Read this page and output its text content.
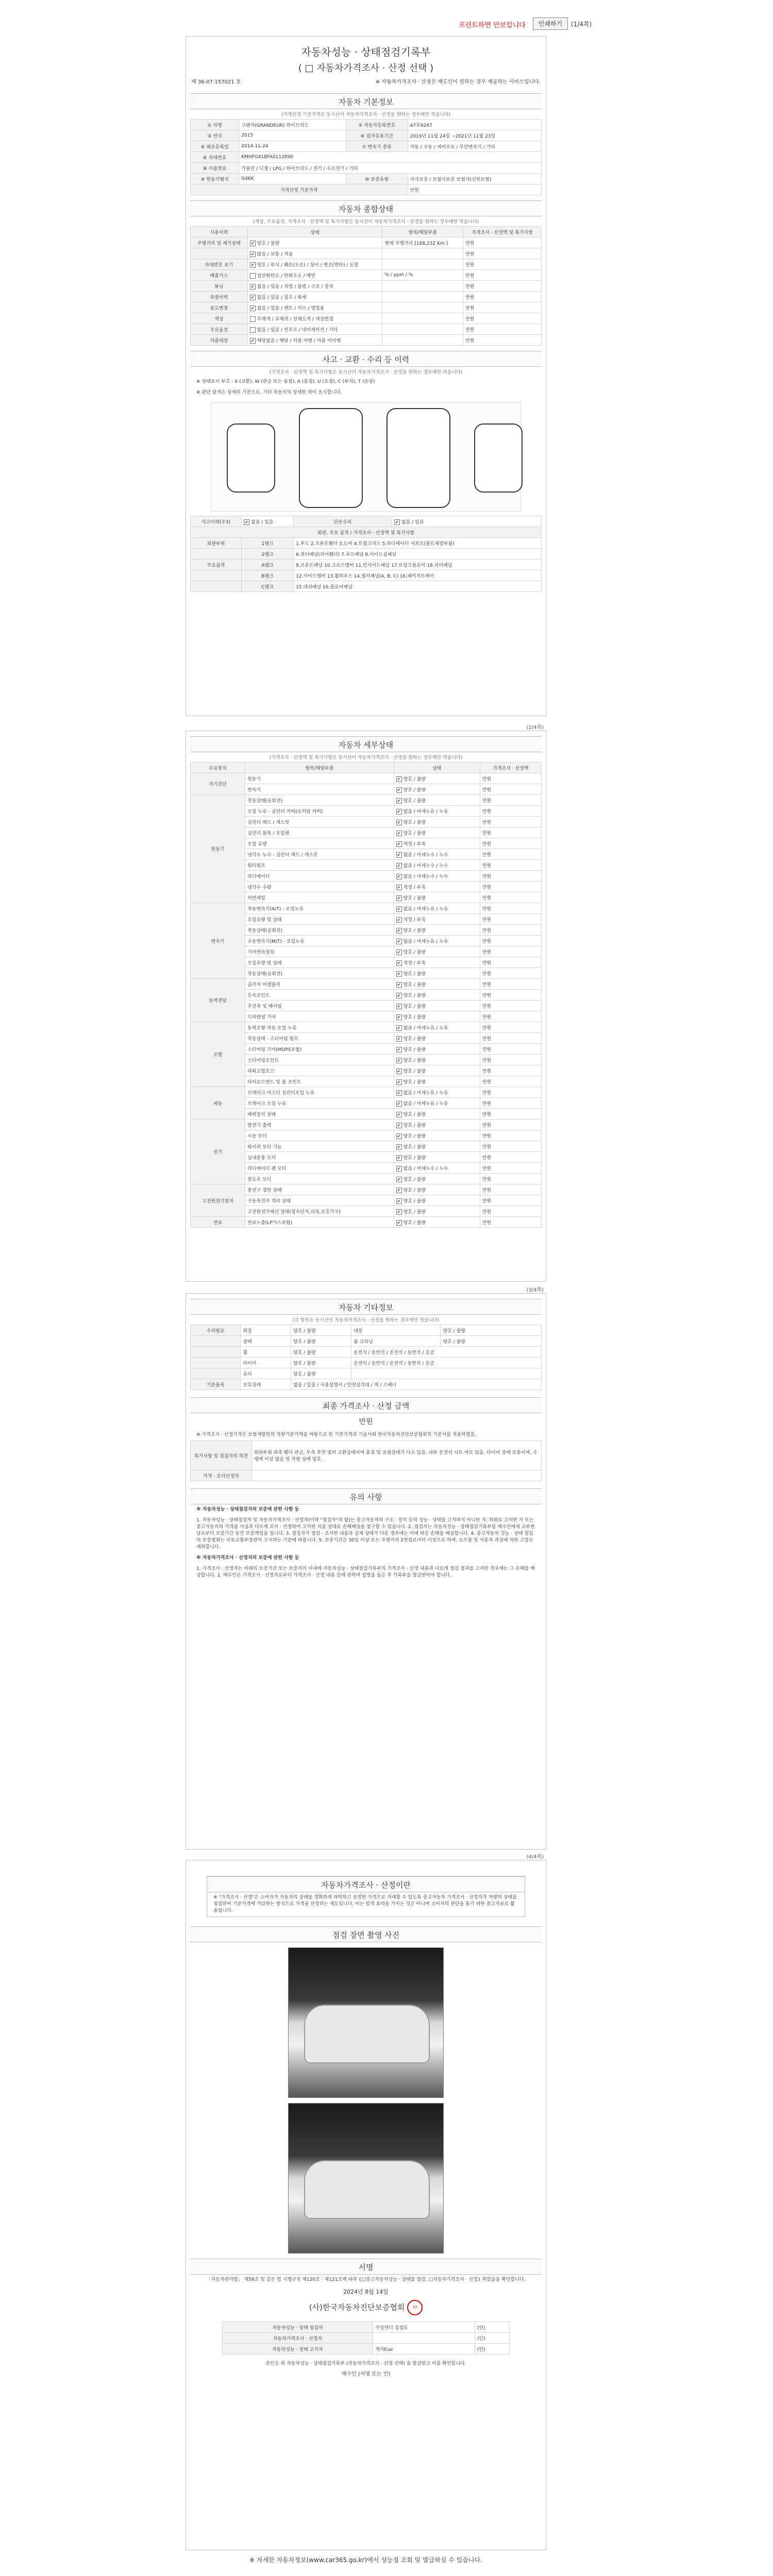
프린트하면 안보입니다	인쇄하기	(1/4쪽)
자동차성능 · 상태점검기록부
( □ 자동차가격조사 · 산정 선택 )
제 36-07-157021 호	※ 자동차가격조사 · 산정은 매도인이 원하는 경우 제공하는 서비스입니다.
자동차 기본정보
(가격산정 기준가격은 동시산이 자동차가격조사 · 산정을 원하는 경우에만 적습니다)
① 차명	그랜저(GRANDEUR) 하이브리드	② 자동차등록번호	47무9247
③ 연식	2015	④ 검사유효기간	2019년 11월 24일 ~2021년 11월 23일
⑤ 최초등록일	2014-11-24	⑦ 변속기 종류	자동 / 수동 / 세미오토 / 무단변속기 / 기타
⑥ 차대번호	KMHFG41BFA0112690		
⑧ 사용연료	가솔린 / 디젤 / LPG / 하이브리드 / 전기 / 수소전기 / 기타		
⑨ 원동기형식	G4KK	⑩ 보증유형	자가보증 / 보험사보증 보험사(신한보험)
가격산정 기준가격			만원
자동차 종합상태
(색상, 주요옵션, 가격조사 · 산정액 및 특기사항은 동시산이 자동차가격조사 · 산정을 원하는 경우에만 적습니다)
사용이력	상태	항목/해당부품	가격조사 · 산정액 및 특기사항
주행거리 및 계기상태	✔양호 / 불량	현재 주행거리 [168,232 Km ]	만원
	✔많음 / 보통 / 적음		만원
차대번호 표기	✔양호 / 부식 / 훼손(오손) / 상이 / 변조(변타) / 도말		만원
배출가스	일산화탄소 / 탄화수소 / 매연	% / ppm / %	만원
튜닝	✔없음 / 있음 / 적법 / 불법 / 구조 / 장치		만원
특별이력	✔없음 / 있음 / 침수 / 화재		만원
용도변경	✔없음 / 있음 / 렌트 / 리스 / 영업용		만원
색상	무채색 / 유채색 / 전체도색 / 색상변경		만원
주요옵션	없음 / 있음 / 썬루프 / 네비게이션 / 기타		만원
리콜대상	✔해당없음 / 해당 / 리콜 이행 / 리콜 미이행		만원
사고 · 교환 · 수리 등 이력
(가격조사 · 산정액 및 특기사항은 동시산이 자동차가격조사 · 산정을 원하는 경우에만 적습니다)
※ 상태표시 부호 : X (교환), W (판금 또는 용접), A (흠집), U (요철), C (부식), T (손상)
※ 판단 탐색은 상세히 기준으로, 기타 자동차의 상세한 하이 표시합니다.
사고이력(주3)	✔없음 / 있음	단순수리	✔없음 / 있음
외판, 주요 골격 / 가격조사 · 산정액 및 특기사항			
외판부위	1랭크	1.후드 2.프론트휀더 3.도어 4.트렁크리드 5.라디에이터 서포트(볼트체결부품)	
	2랭크	6.쿼터패널(리어휀더) 7.루프패널 8.사이드실패널	
주요골격	A랭크	9.프론트패널 10.크로스멤버 11.인사이드패널 17.트렁크플로어 18.리어패널	
	B랭크	12.사이드멤버 13.휠하우스 14.필러패널(A, B, C) 16.패키지트레이	
	C랭크	15.대쉬패널 16.플로어패널	
(2/4쪽)
자동차 세부상태
(가격조사 · 산정액 및 특기사항은 동시산이 자동차가격조사 · 산정을 원하는 경우에만 적습니다)
주요장치	항목/해당부품	상태	가격조사 · 산정액
자기진단	원동기	✔양호 / 불량	만원
	변속기	✔양호 / 불량	만원
원동기	작동상태(공회전)	✔양호 / 불량	만원
	오일 누유 - 실린더 커버(로커암 커버)	✔없음 / 미세누유 / 누유	만원
	실린더 헤드 / 개스킷	✔양호 / 불량	만원
	실린더 블록 / 오일팬	✔양호 / 불량	만원
	오일 유량	✔적정 / 부족	만원
	냉각수 누수 - 실린더 헤드 / 개스킷	✔없음 / 미세누수 / 누수	만원
	워터펌프	✔없음 / 미세누수 / 누수	만원
	라디에이터	✔없음 / 미세누수 / 누수	만원
	냉각수 수량	✔적정 / 부족	만원
	커먼레일	✔양호 / 불량	만원
변속기	자동변속기(A/T) - 오일누유	✔없음 / 미세누유 / 누유	만원
	오일유량 및 상태	✔적정 / 부족	만원
	작동상태(공회전)	✔양호 / 불량	만원
	수동변속기(M/T) - 오일누유	✔없음 / 미세누유 / 누유	만원
	기어변속장치	✔양호 / 불량	만원
	오일유량 및 상태	✔적정 / 부족	만원
	작동상태(공회전)	✔양호 / 불량	만원
동력전달	클러치 어셈블리	✔양호 / 불량	만원
	등속조인트	✔양호 / 불량	만원
	추진축 및 베어링	✔양호 / 불량	만원
	디퍼렌셜 기어	✔양호 / 불량	만원
조향	동력조향 작동 오일 누유	✔없음 / 미세누유 / 누유	만원
	작동상태 - 스티어링 펌프	✔양호 / 불량	만원
	스티어링 기어(MDPS포함)	✔양호 / 불량	만원
	스티어링조인트	✔양호 / 불량	만원
	파워고압호스	✔양호 / 불량	만원
	타이로드엔드 및 볼 조인트	✔양호 / 불량	만원
제동	브레이크 마스터 실린더오일 누유	✔없음 / 미세누유 / 누유	만원
	브레이크 오일 누유	✔없음 / 미세누유 / 누유	만원
	배력장치 상태	✔양호 / 불량	만원
전기	발전기 출력	✔양호 / 불량	만원
	시동 모터	✔양호 / 불량	만원
	와이퍼 모터 기능	✔양호 / 불량	만원
	실내송풍 모터	✔양호 / 불량	만원
	라디에이터 팬 모터	✔없음 / 미세누수 / 누수	만원
	윈도우 모터	✔양호 / 불량	만원
고전원전기장치	충전구 절연 상태	✔양호 / 불량	만원
	구동축전지 격리 상태	✔양호 / 불량	만원
	고전원전기배선 상태(접속단자,피복,보호기구)	✔양호 / 불량	만원
연료	연료누출(LP가스포함)	✔양호 / 불량	만원
(3/4쪽)
자동차 기타정보
(각 항목은 동시산이 자동차가격조사 · 산정을 원하는 경우에만 적습니다)
수리필요	외장	양호 / 불량	내장	양호 / 불량
	광택	양호 / 불량	룸 크리닝	양호 / 불량
	휠	양호 / 불량	운전석 / 동반석 / 운전석 / 동반석 / 응급	
	타이어	양호 / 불량	운전석 / 동반석 / 운전석 / 동반석 / 응급	
	유리	양호 / 불량		
기본품목	보유상태	없음 / 있음 / 사용설명서 / 안전삼각대 / 잭 / 스패너		
최종 가격조사 · 산정 금액
만원
※ 가격조사 · 산정가격은 보험개발원의 차량기준가액을 바탕으로 한 기준가격과 기술사회 한국자동차진단보증협회의 기준서를 적용하였음.
특기사항 및 점검자의 의견	외판부위 좌측 휀다 판금, 우측 후면 범퍼 교환상태이며 흠집 및 요철상태가 다소 있음. 내부 운전석 시트 마모 있음. 타이어 상태 보통이며, 주행에 이상 없음 및 차량 상태 양호.
가격 · 조사산정자	
유의 사항
※ 자동차성능 · 상태점검자의 보증에 관한 사항 등
1. 자동차성능 · 상태점검자 및 자동차가격조사 · 산정자(이하 "점검자"라 함)는 중고자동차의 구조 · 장치 등의 성능 · 상태를 고지하지 아니한 자, 허위로 고지한 자 또는 중고자동차의 가격을 사실과 다르게 조사 · 산정하여 고지한 자를 상대로 손해배상을 청구할 수 있습니다. 2. 점검자는 자동차성능 · 상태점검기록부를 매수인에게 교부한 날로부터 보증기간 동안 보증책임을 집니다. 3. 점검자가 점검 · 조사한 내용과 실제 상태가 다른 경우에는 이에 따른 손해를 배상합니다. 4. 중고자동차 성능 · 상태 점검의 보증범위는 국토교통부장관이 고시하는 기준에 따릅니다. 5. 보증기간은 30일 이상 또는 주행거리 2천킬로미터 이상으로 하며, 소모품 및 사용자 과실에 의한 고장은 제외합니다.
※ 자동차가격조사 · 산정자의 보증에 관한 사항 등
1. 가격조사 · 산정자는 아래의 보증기간 또는 보증거리 이내에 자동차성능 · 상태점검기록부의 가격조사 · 산정 내용과 다르게 점검 결과를 고지한 경우에는 그 손해를 배상합니다. 2. 매수인은 가격조사 · 산정자로부터 가격조사 · 산정 내용 등에 관하여 설명을 들은 후 기록부를 발급받아야 합니다.
(4/4쪽)
자동차가격조사 · 산정이란
※ "가격조사 · 산정"은 소비자가 자동차의 상태를 정확하게 파악하고 공정한 가격으로 거래할 수 있도록 중고자동차 가격조사 · 산정자가 차량의 상태를 점검하여 기준가격에 가감하는 방식으로 가격을 산정하는 제도입니다. 이는 법적 효력을 가지는 것은 아니며 소비자의 판단을 돕기 위한 참고자료로 활용됩니다.
점검 장면 촬영 사진
서명
「자동차관리법」 제58조 및 같은 법 시행규칙 제120조 · 제121조에 따라 {□중고자동차성능 · 상태를 점검, □자동차가격조사 · 산정} 하였음을 확인합니다.
2024년 8월 14일
(사)한국자동차진단보증협회 印
자동차성능 · 상태 점검자	가성연디 검점도	(인)
자동차가격조사 · 산정자		(인)
자동차성능 · 상태 고지자	개자Eue	(인)
본인은 위 자동차성능 · 상태점검기록부 (자동차가격조사 · 산정 선택) 을 발급받고 이를 확인합니다.
매수인 (서명 또는 인)
※ 자세한 자동차정보(www.car365.go.kr)에서 성능점 조회 및 발급하실 수 있습니다.
